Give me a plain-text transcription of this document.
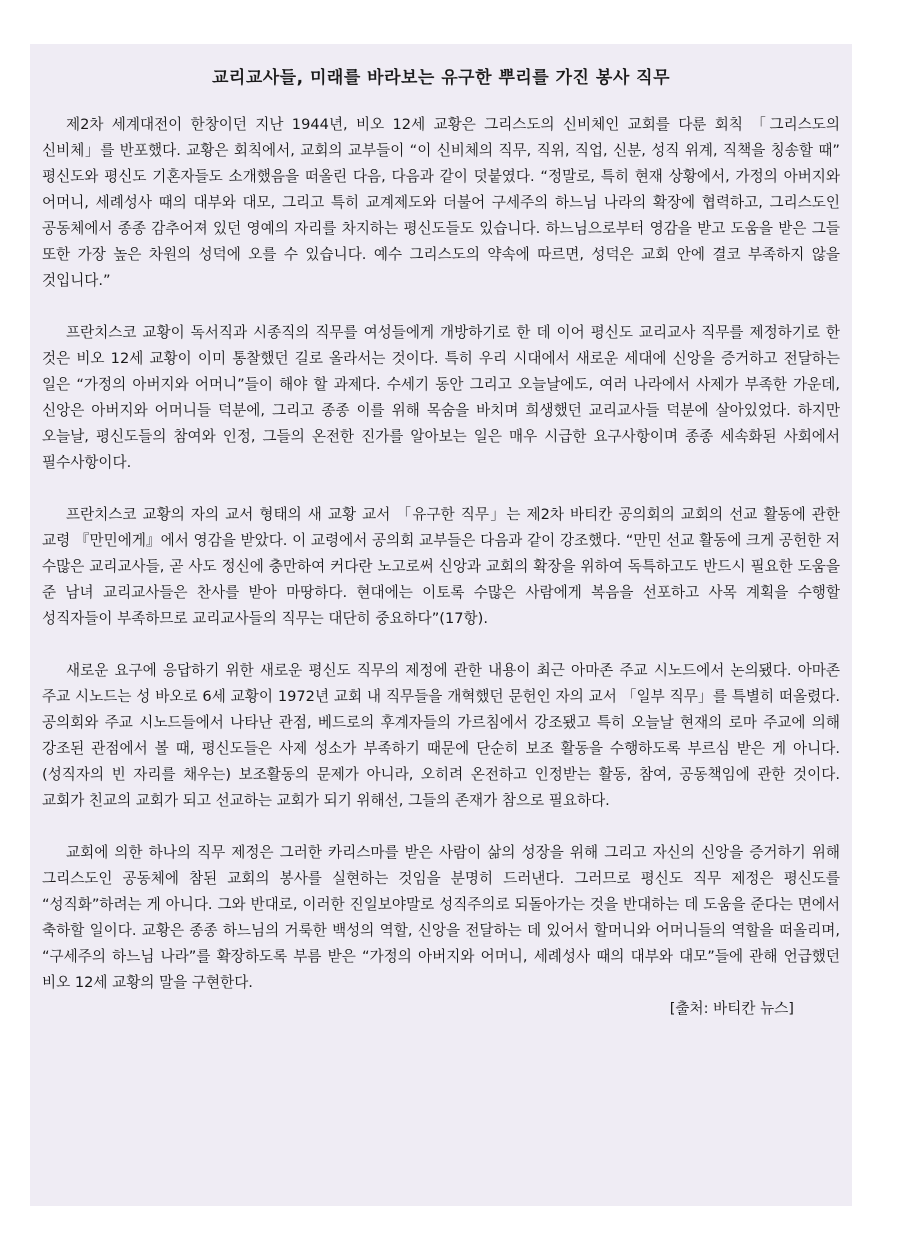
교리교사들, 미래를 바라보는 유구한 뿌리를 가진 봉사 직무

제2차 세계대전이 한창이던 지난 1944년, 비오 12세 교황은 그리스도의 신비체인 교회를 다룬 회칙 「그리스도의 신비체」를 반포했다. 교황은 회칙에서, 교회의 교부들이 “이 신비체의 직무, 직위, 직업, 신분, 성직 위계, 직책을 칭송할 때” 평신도와 평신도 기혼자들도 소개했음을 떠올린 다음, 다음과 같이 덧붙였다. “정말로, 특히 현재 상황에서, 가정의 아버지와 어머니, 세례성사 때의 대부와 대모, 그리고 특히 교계제도와 더불어 구세주의 하느님 나라의 확장에 협력하고, 그리스도인 공동체에서 종종 감추어져 있던 영예의 자리를 차지하는 평신도들도 있습니다. 하느님으로부터 영감을 받고 도움을 받은 그들 또한 가장 높은 차원의 성덕에 오를 수 있습니다. 예수 그리스도의 약속에 따르면, 성덕은 교회 안에 결코 부족하지 않을 것입니다.”

프란치스코 교황이 독서직과 시종직의 직무를 여성들에게 개방하기로 한 데 이어 평신도 교리교사 직무를 제정하기로 한 것은 비오 12세 교황이 이미 통찰했던 길로 올라서는 것이다. 특히 우리 시대에서 새로운 세대에 신앙을 증거하고 전달하는 일은 “가정의 아버지와 어머니”들이 해야 할 과제다. 수세기 동안 그리고 오늘날에도, 여러 나라에서 사제가 부족한 가운데, 신앙은 아버지와 어머니들 덕분에, 그리고 종종 이를 위해 목숨을 바치며 희생했던 교리교사들 덕분에 살아있었다. 하지만 오늘날, 평신도들의 참여와 인정, 그들의 온전한 진가를 알아보는 일은 매우 시급한 요구사항이며 종종 세속화된 사회에서 필수사항이다.

프란치스코 교황의 자의 교서 형태의 새 교황 교서 「유구한 직무」는 제2차 바티칸 공의회의 교회의 선교 활동에 관한 교령 『만민에게』에서 영감을 받았다. 이 교령에서 공의회 교부들은 다음과 같이 강조했다. “만민 선교 활동에 크게 공헌한 저 수많은 교리교사들, 곧 사도 정신에 충만하여 커다란 노고로써 신앙과 교회의 확장을 위하여 독특하고도 반드시 필요한 도움을 준 남녀 교리교사들은 찬사를 받아 마땅하다. 현대에는 이토록 수많은 사람에게 복음을 선포하고 사목 계획을 수행할 성직자들이 부족하므로 교리교사들의 직무는 대단히 중요하다”(17항).

새로운 요구에 응답하기 위한 새로운 평신도 직무의 제정에 관한 내용이 최근 아마존 주교 시노드에서 논의됐다. 아마존 주교 시노드는 성 바오로 6세 교황이 1972년 교회 내 직무들을 개혁했던 문헌인 자의 교서 「일부 직무」를 특별히 떠올렸다. 공의회와 주교 시노드들에서 나타난 관점, 베드로의 후계자들의 가르침에서 강조됐고 특히 오늘날 현재의 로마 주교에 의해 강조된 관점에서 볼 때, 평신도들은 사제 성소가 부족하기 때문에 단순히 보조 활동을 수행하도록 부르심 받은 게 아니다. (성직자의 빈 자리를 채우는) 보조활동의 문제가 아니라, 오히려 온전하고 인정받는 활동, 참여, 공동책임에 관한 것이다. 교회가 친교의 교회가 되고 선교하는 교회가 되기 위해선, 그들의 존재가 참으로 필요하다.

교회에 의한 하나의 직무 제정은 그러한 카리스마를 받은 사람이 삶의 성장을 위해 그리고 자신의 신앙을 증거하기 위해 그리스도인 공동체에 참된 교회의 봉사를 실현하는 것임을 분명히 드러낸다. 그러므로 평신도 직무 제정은 평신도를 “성직화”하려는 게 아니다. 그와 반대로, 이러한 진일보야말로 성직주의로 되돌아가는 것을 반대하는 데 도움을 준다는 면에서 축하할 일이다. 교황은 종종 하느님의 거룩한 백성의 역할, 신앙을 전달하는 데 있어서 할머니와 어머니들의 역할을 떠올리며, “구세주의 하느님 나라”를 확장하도록 부름 받은 “가정의 아버지와 어머니, 세례성사 때의 대부와 대모”들에 관해 언급했던 비오 12세 교황의 말을 구현한다.

[출처: 바티칸 뉴스]
